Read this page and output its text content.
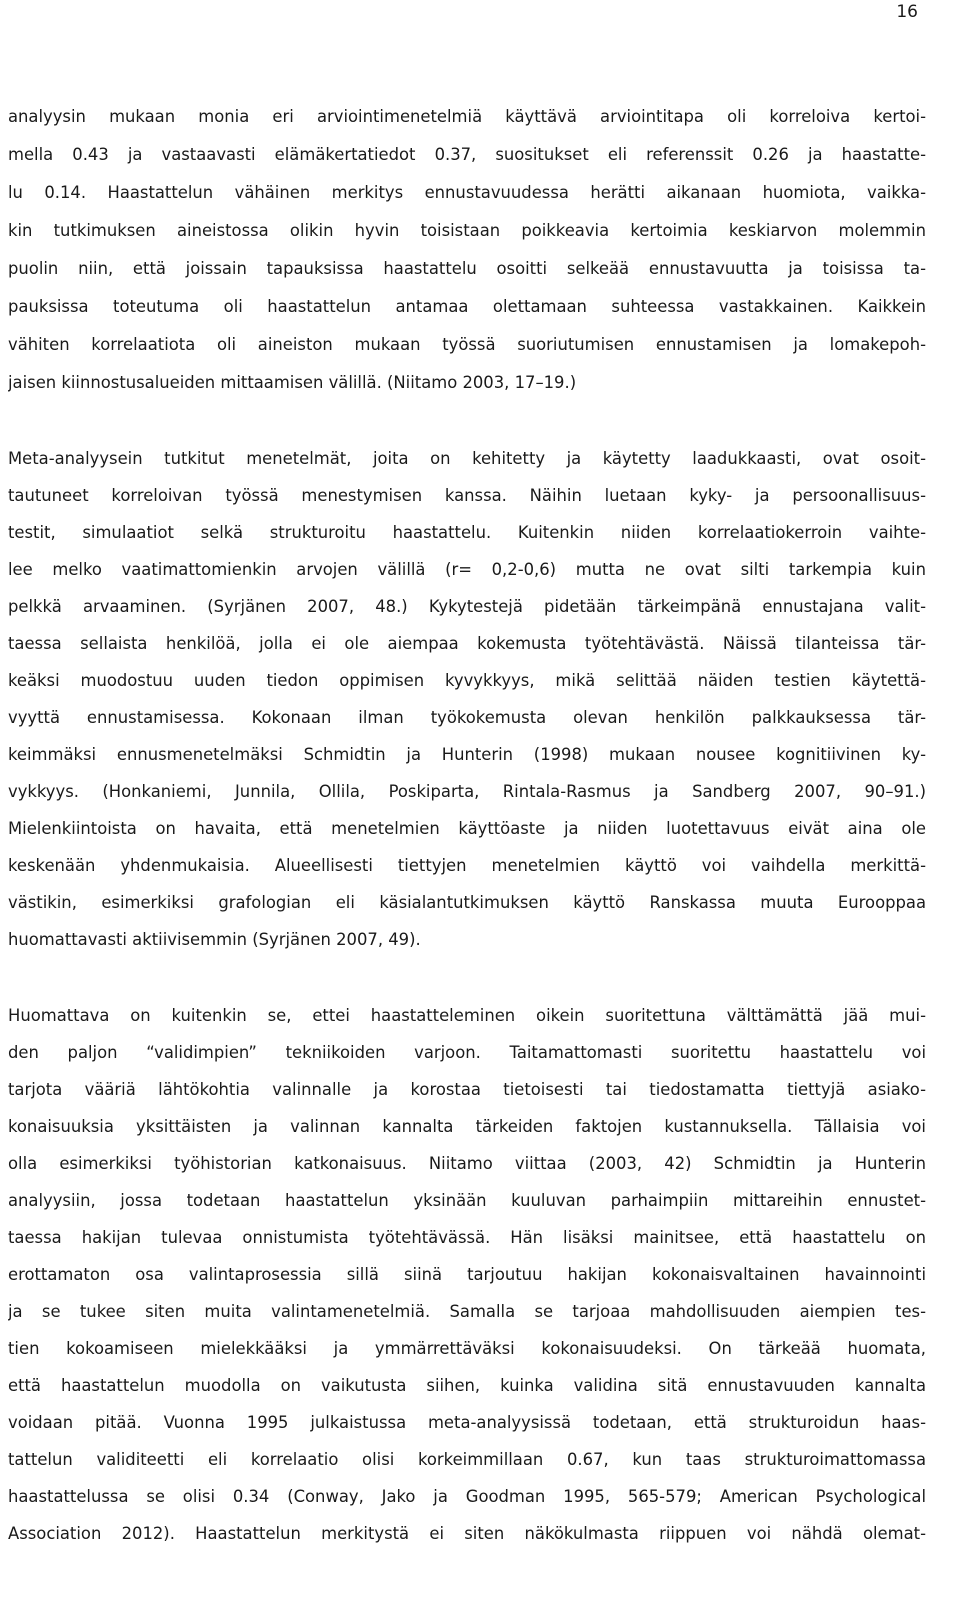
16
analyysin mukaan monia eri arviointimenetelmiä käyttävä arviointitapa oli korreloiva kertoi-
mella 0.43 ja vastaavasti elämäkertatiedot 0.37, suositukset eli referenssit 0.26 ja haastatte-
lu 0.14. Haastattelun vähäinen merkitys ennustavuudessa herätti aikanaan huomiota, vaikka-
kin tutkimuksen aineistossa olikin hyvin toisistaan poikkeavia kertoimia keskiarvon molemmin
puolin niin, että joissain tapauksissa haastattelu osoitti selkeää ennustavuutta ja toisissa ta-
pauksissa toteutuma oli haastattelun antamaa olettamaan suhteessa vastakkainen. Kaikkein
vähiten korrelaatiota oli aineiston mukaan työssä suoriutumisen ennustamisen ja lomakepoh-
jaisen kiinnostusalueiden mittaamisen välillä. (Niitamo 2003, 17–19.)
Meta-analyysein tutkitut menetelmät, joita on kehitetty ja käytetty laadukkaasti, ovat osoit-
tautuneet korreloivan työssä menestymisen kanssa. Näihin luetaan kyky- ja persoonallisuus-
testit, simulaatiot selkä strukturoitu haastattelu. Kuitenkin niiden korrelaatiokerroin vaihte-
lee melko vaatimattomienkin arvojen välillä (r= 0,2-0,6) mutta ne ovat silti tarkempia kuin
pelkkä arvaaminen. (Syrjänen 2007, 48.) Kykytestejä pidetään tärkeimpänä ennustajana valit-
taessa sellaista henkilöä, jolla ei ole aiempaa kokemusta työtehtävästä. Näissä tilanteissa tär-
keäksi muodostuu uuden tiedon oppimisen kyvykkyys, mikä selittää näiden testien käytettä-
vyyttä ennustamisessa. Kokonaan ilman työkokemusta olevan henkilön palkkauksessa tär-
keimmäksi ennusmenetelmäksi Schmidtin ja Hunterin (1998) mukaan nousee kognitiivinen ky-
vykkyys. (Honkaniemi, Junnila, Ollila, Poskiparta, Rintala-Rasmus ja Sandberg 2007, 90–91.)
Mielenkiintoista on havaita, että menetelmien käyttöaste ja niiden luotettavuus eivät aina ole
keskenään yhdenmukaisia. Alueellisesti tiettyjen menetelmien käyttö voi vaihdella merkittä-
västikin, esimerkiksi grafologian eli käsialantutkimuksen käyttö Ranskassa muuta Eurooppaa
huomattavasti aktiivisemmin (Syrjänen 2007, 49).
Huomattava on kuitenkin se, ettei haastatteleminen oikein suoritettuna välttämättä jää mui-
den paljon “validimpien” tekniikoiden varjoon. Taitamattomasti suoritettu haastattelu voi
tarjota vääriä lähtökohtia valinnalle ja korostaa tietoisesti tai tiedostamatta tiettyjä asiako-
konaisuuksia yksittäisten ja valinnan kannalta tärkeiden faktojen kustannuksella. Tällaisia voi
olla esimerkiksi työhistorian katkonaisuus. Niitamo viittaa (2003, 42) Schmidtin ja Hunterin
analyysiin, jossa todetaan haastattelun yksinään kuuluvan parhaimpiin mittareihin ennustet-
taessa hakijan tulevaa onnistumista työtehtävässä. Hän lisäksi mainitsee, että haastattelu on
erottamaton osa valintaprosessia sillä siinä tarjoutuu hakijan kokonaisvaltainen havainnointi
ja se tukee siten muita valintamenetelmiä. Samalla se tarjoaa mahdollisuuden aiempien tes-
tien kokoamiseen mielekkääksi ja ymmärrettäväksi kokonaisuudeksi. On tärkeää huomata,
että haastattelun muodolla on vaikutusta siihen, kuinka validina sitä ennustavuuden kannalta
voidaan pitää. Vuonna 1995 julkaistussa meta-analyysissä todetaan, että strukturoidun haas-
tattelun validiteetti eli korrelaatio olisi korkeimmillaan 0.67, kun taas strukturoimattomassa
haastattelussa se olisi 0.34 (Conway, Jako ja Goodman 1995, 565-579; American Psychological
Association 2012). Haastattelun merkitystä ei siten näkökulmasta riippuen voi nähdä olemat-
